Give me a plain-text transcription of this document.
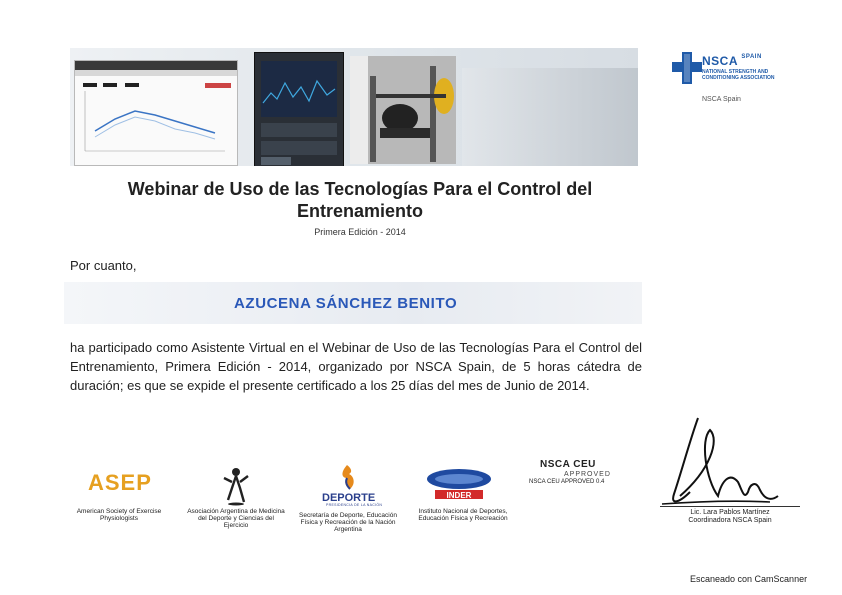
NSCA $^{SPAIN}$
NATIONAL STRENGTH AND CONDITIONING ASSOCIATION
NSCA Spain
Webinar de Uso de las Tecnologías Para el Control del Entrenamiento
Primera Edición - 2014
Por cuanto,
AZUCENA SÁNCHEZ BENITO
ha participado como Asistente Virtual en el Webinar de Uso de las Tecnologías Para el Control del Entrenamiento, Primera Edición - 2014, organizado por NSCA Spain, de 5 horas cátedra de duración; es que se expide el presente certificado a los 25 días del mes de Junio de 2014.
ASEP
American Society of Exercise Physiologists
Asociación Argentina de Medicina del Deporte y Ciencias del Ejercicio
DEPORTE
PRESIDENCIA DE LA NACIÓN
Secretaría de Deporte, Educación Física y Recreación de la Nación Argentina
INDER
Instituto Nacional de Deportes, Educación Física y Recreación
NSCA CEU
APPROVED
NSCA CEU APPROVED 0.4
Lic. Lara Pablos Martínez
Coordinadora NSCA Spain
Escaneado con CamScanner
